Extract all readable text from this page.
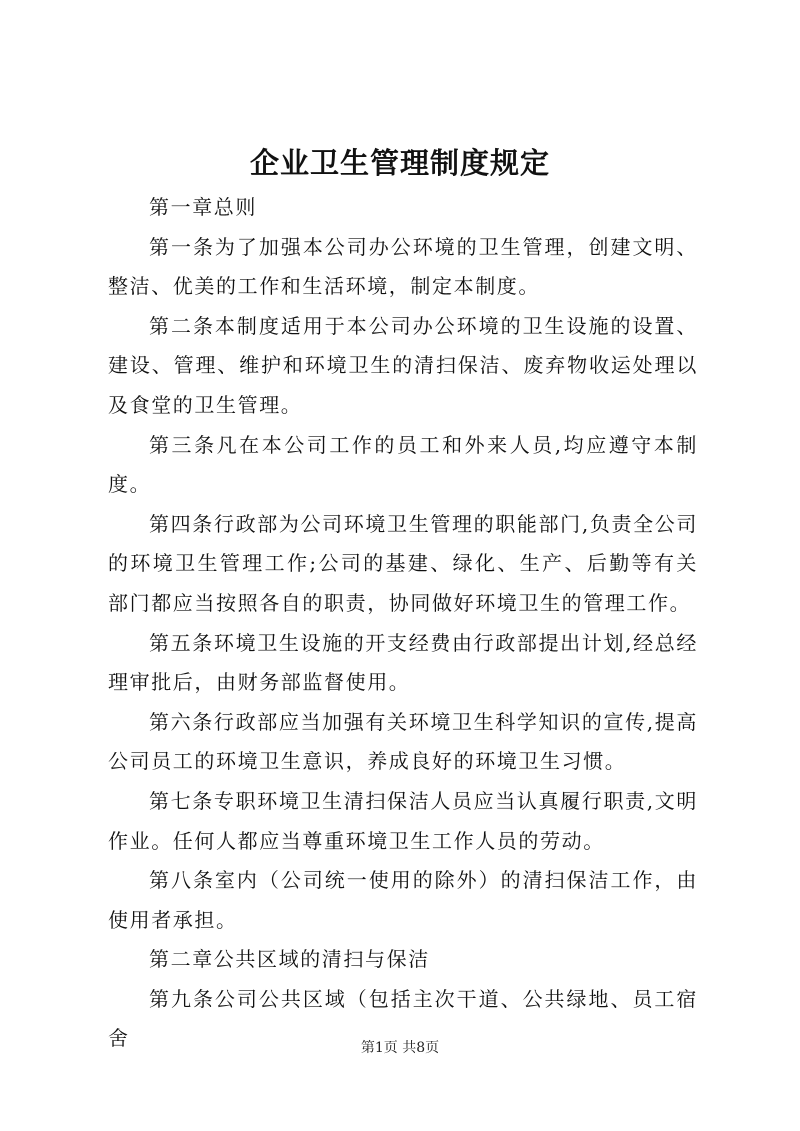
企业卫生管理制度规定

第一章总则

第一条为了加强本公司办公环境的卫生管理，创建文明、整洁、优美的工作和生活环境，制定本制度。

第二条本制度适用于本公司办公环境的卫生设施的设置、建设、管理、维护和环境卫生的清扫保洁、废弃物收运处理以及食堂的卫生管理。

第三条凡在本公司工作的员工和外来人员,均应遵守本制度。

第四条行政部为公司环境卫生管理的职能部门,负责全公司的环境卫生管理工作;公司的基建、绿化、生产、后勤等有关部门都应当按照各自的职责，协同做好环境卫生的管理工作。

第五条环境卫生设施的开支经费由行政部提出计划,经总经理审批后，由财务部监督使用。

第六条行政部应当加强有关环境卫生科学知识的宣传,提高公司员工的环境卫生意识，养成良好的环境卫生习惯。

第七条专职环境卫生清扫保洁人员应当认真履行职责,文明作业。任何人都应当尊重环境卫生工作人员的劳动。

第八条室内（公司统一使用的除外）的清扫保洁工作，由使用者承担。

第二章公共区域的清扫与保洁

第九条公司公共区域（包括主次干道、公共绿地、员工宿舍	第1页 共8页
